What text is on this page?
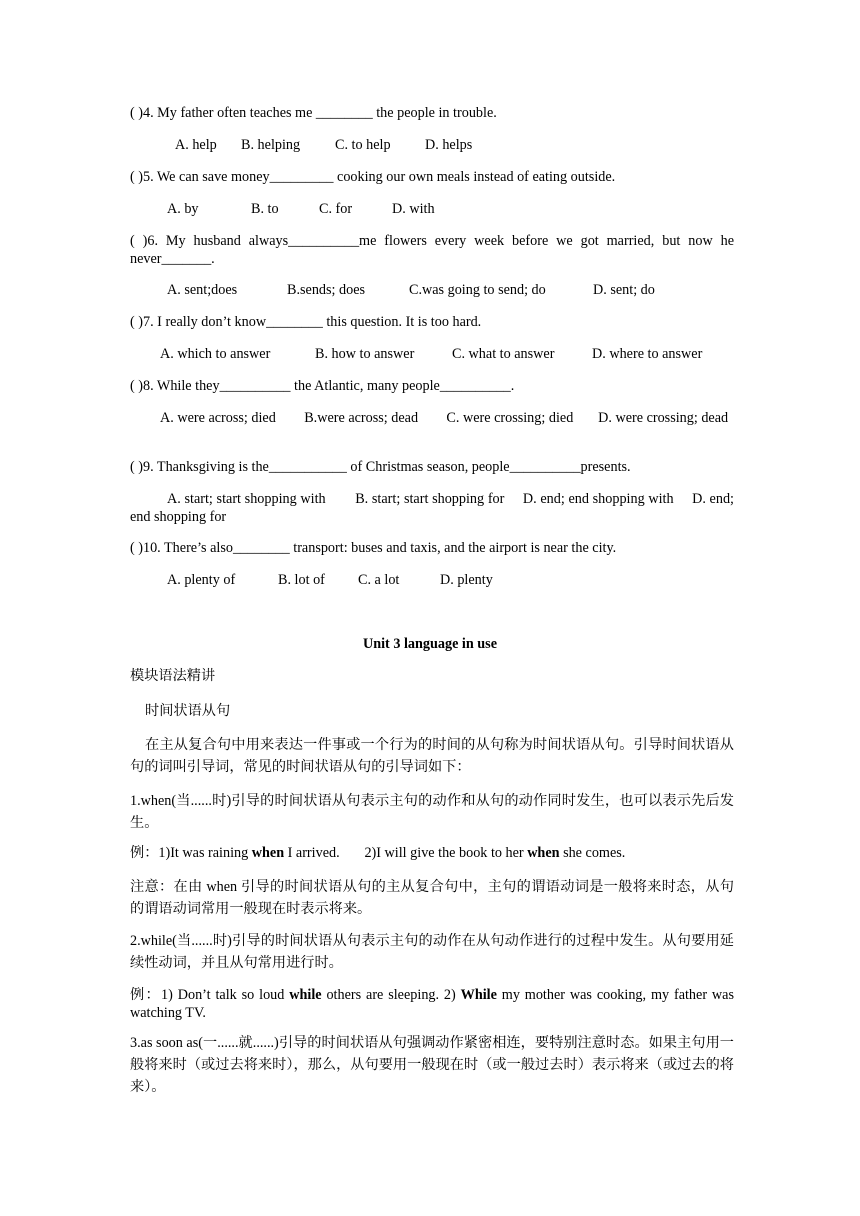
( )4. My father often teaches me ________ the people in trouble.
A. help B. helping C. to help D. helps
( )5. We can save money_________ cooking our own meals instead of eating outside.
A. by	B. to	C. for	D. with
( )6. My husband always__________me flowers every week before we got married, but now he never_______.
A. sent;does	B.sends; does	C.was going to send; do	D. sent; do
( )7. I really don’t know________ this question. It is too hard.
A. which to answer	B. how to answer	C. what to answer	D. where to answer
( )8. While they__________ the Atlantic, many people__________.
A. were across; died        B.were across; dead        C. were crossing; died       D. were crossing; dead
( )9. Thanksgiving is the___________ of Christmas season, people__________presents.
A. start; start shopping with        B. start; start shopping for     D. end; end shopping with     D. end; end shopping for
( )10. There’s also________ transport: buses and taxis, and the airport is near the city.
A. plenty of	B. lot of C. a lot	D. plenty
Unit 3 language in use
模块语法精讲
时间状语从句
在主从复合句中用来表达一件事或一个行为的时间的从句称为时间状语从句。引导时间状语从句的词叫引导词，常见的时间状语从句的引导词如下：
1.when(当......时)引导的时间状语从句表示主句的动作和从句的动作同时发生，也可以表示先后发生。
例：1)It was raining when I arrived.       2)I will give the book to her when she comes.
注意：在由 when 引导的时间状语从句的主从复合句中，主句的谓语动词是一般将来时态，从句的谓语动词常用一般现在时表示将来。
2.while(当......时)引导的时间状语从句表示主句的动作在从句动作进行的过程中发生。从句要用延续性动词，并且从句常用进行时。
例：1) Don’t talk so loud while others are sleeping. 2) While my mother was cooking, my father was watching TV.
3.as soon as(一......就......)引导的时间状语从句强调动作紧密相连，要特别注意时态。如果主句用一般将来时（或过去将来时），那么，从句要用一般现在时（或一般过去时）表示将来（或过去的将来）。
